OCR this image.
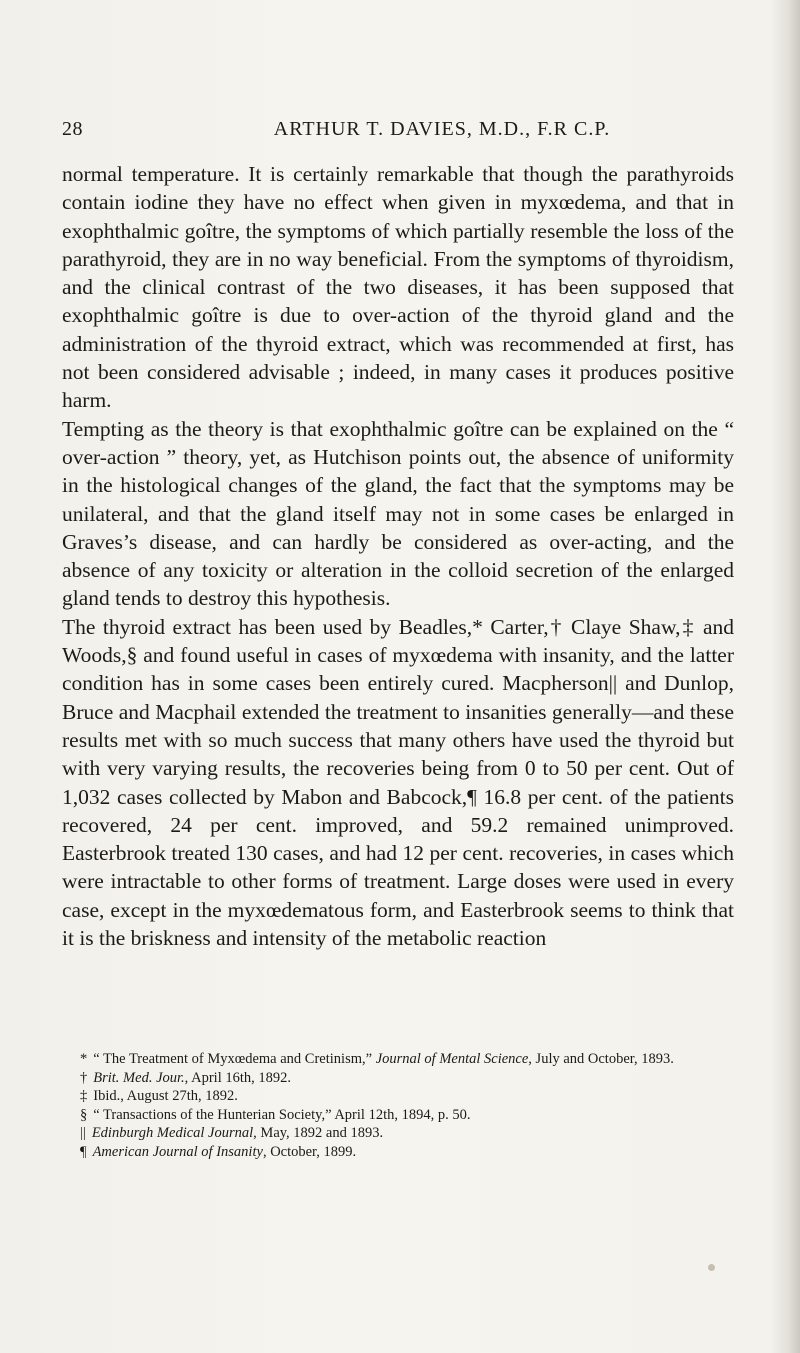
28	ARTHUR T. DAVIES, M.D., F.R C.P.

normal temperature. It is certainly remarkable that though the parathyroids contain iodine they have no effect when given in myxœdema, and that in exophthalmic goître, the symptoms of which partially resemble the loss of the parathyroid, they are in no way beneficial. From the symptoms of thyroidism, and the clinical contrast of the two diseases, it has been supposed that exophthalmic goître is due to over-action of the thyroid gland and the administration of the thyroid extract, which was recommended at first, has not been considered advisable ; indeed, in many cases it produces positive harm.

Tempting as the theory is that exophthalmic goître can be explained on the “ over-action ” theory, yet, as Hutchison points out, the absence of uniformity in the histological changes of the gland, the fact that the symptoms may be unilateral, and that the gland itself may not in some cases be enlarged in Graves’s disease, and can hardly be considered as over-acting, and the absence of any toxicity or alteration in the colloid secretion of the enlarged gland tends to destroy this hypothesis.

The thyroid extract has been used by Beadles,* Carter,† Claye Shaw,‡ and Woods,§ and found useful in cases of myxœdema with insanity, and the latter condition has in some cases been entirely cured. Macpherson|| and Dunlop, Bruce and Macphail extended the treatment to insanities generally—and these results met with so much success that many others have used the thyroid but with very varying results, the recoveries being from 0 to 50 per cent. Out of 1,032 cases collected by Mabon and Babcock,¶ 16.8 per cent. of the patients recovered, 24 per cent. improved, and 59.2 remained unimproved. Easterbrook treated 130 cases, and had 12 per cent. recoveries, in cases which were intractable to other forms of treatment. Large doses were used in every case, except in the myxœdematous form, and Easterbrook seems to think that it is the briskness and intensity of the metabolic reaction

* “ The Treatment of Myxœdema and Cretinism,” Journal of Mental Science, July and October, 1893.

† Brit. Med. Jour., April 16th, 1892.

‡ Ibid., August 27th, 1892.

§ “ Transactions of the Hunterian Society,” April 12th, 1894, p. 50.

|| Edinburgh Medical Journal, May, 1892 and 1893.

¶ American Journal of Insanity, October, 1899.
